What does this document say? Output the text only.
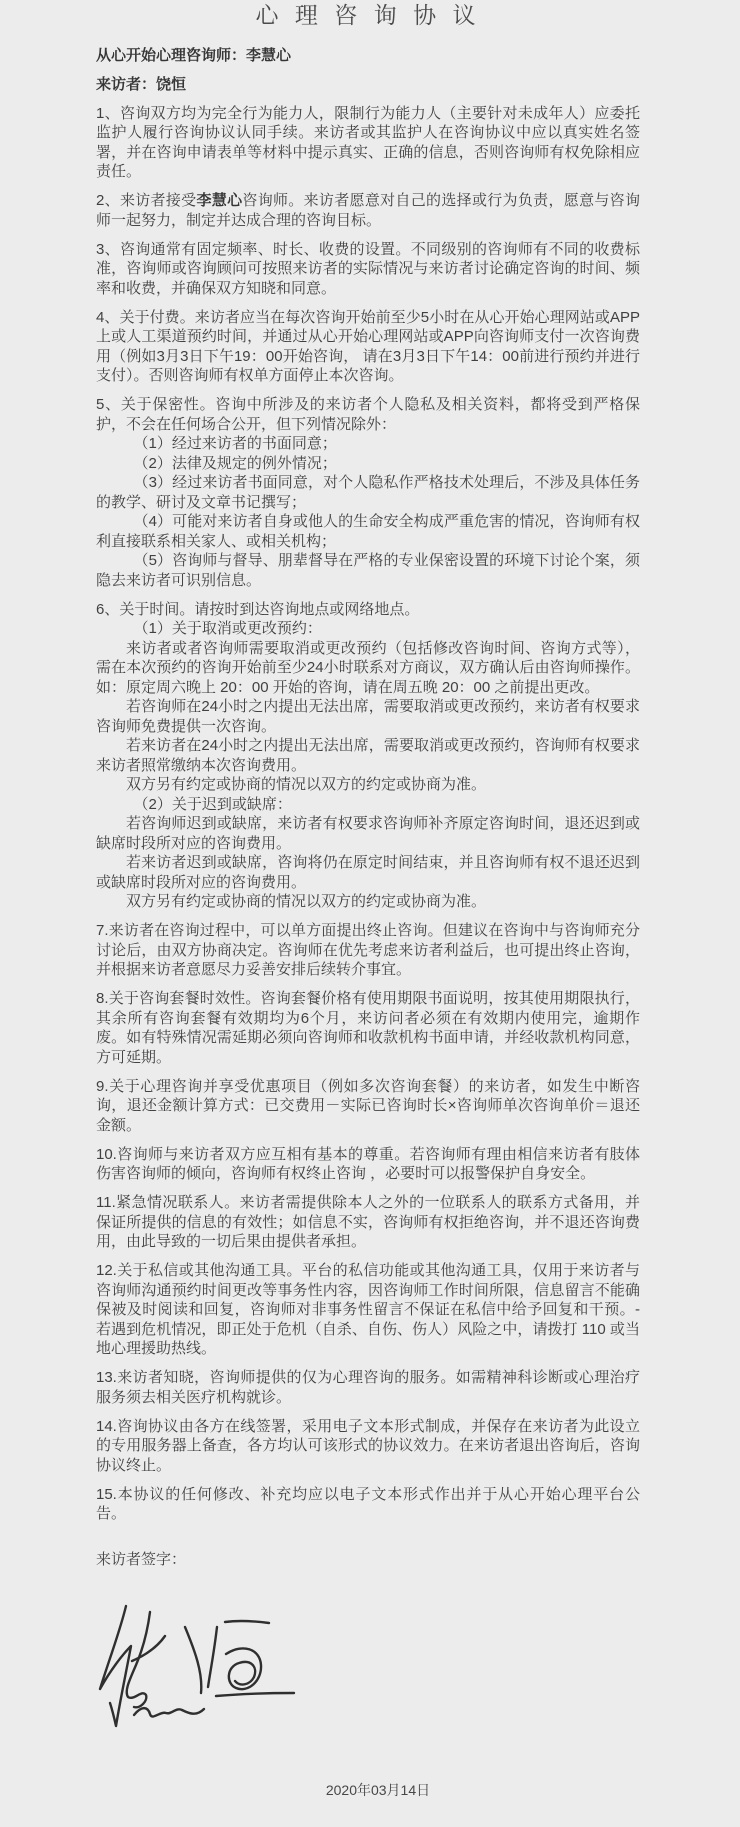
心 理 咨 询 协 议
从心开始心理咨询师：李慧心
来访者：饶恒
1、咨询双方均为完全行为能力人，限制行为能力人（主要针对未成年人）应委托监护人履行咨询协议认同手续。来访者或其监护人在咨询协议中应以真实姓名签署，并在咨询申请表单等材料中提示真实、正确的信息，否则咨询师有权免除相应责任。
2、来访者接受李慧心咨询师。来访者愿意对自己的选择或行为负责，愿意与咨询师一起努力，制定并达成合理的咨询目标。
3、咨询通常有固定频率、时长、收费的设置。不同级别的咨询师有不同的收费标准，咨询师或咨询顾问可按照来访者的实际情况与来访者讨论确定咨询的时间、频率和收费，并确保双方知晓和同意。
4、关于付费。来访者应当在每次咨询开始前至少5小时在从心开始心理网站或APP上或人工渠道预约时间，并通过从心开始心理网站或APP向咨询师支付一次咨询费用（例如3月3日下午19：00开始咨询， 请在3月3日下午14：00前进行预约并进行支付）。否则咨询师有权单方面停止本次咨询。
5、关于保密性。咨询中所涉及的来访者个人隐私及相关资料，都将受到严格保护，不会在任何场合公开，但下列情况除外：
（1）经过来访者的书面同意；
（2）法律及规定的例外情况；
（3）经过来访者书面同意，对个人隐私作严格技术处理后，不涉及具体任务的教学、研讨及文章书记撰写；
（4）可能对来访者自身或他人的生命安全构成严重危害的情况，咨询师有权利直接联系相关家人、或相关机构；
（5）咨询师与督导、朋辈督导在严格的专业保密设置的环境下讨论个案，须隐去来访者可识别信息。
6、关于时间。请按时到达咨询地点或网络地点。
（1）关于取消或更改预约：
来访者或者咨询师需要取消或更改预约（包括修改咨询时间、咨询方式等），需在本次预约的咨询开始前至少24小时联系对方商议，双方确认后由咨询师操作。如：原定周六晚上 20：00 开始的咨询，请在周五晚 20：00 之前提出更改。
若咨询师在24小时之内提出无法出席，需要取消或更改预约，来访者有权要求咨询师免费提供一次咨询。
若来访者在24小时之内提出无法出席，需要取消或更改预约，咨询师有权要求来访者照常缴纳本次咨询费用。
双方另有约定或协商的情况以双方的约定或协商为准。
（2）关于迟到或缺席：
若咨询师迟到或缺席，来访者有权要求咨询师补齐原定咨询时间，退还迟到或缺席时段所对应的咨询费用。
若来访者迟到或缺席，咨询将仍在原定时间结束，并且咨询师有权不退还迟到或缺席时段所对应的咨询费用。
双方另有约定或协商的情况以双方的约定或协商为准。
7.来访者在咨询过程中，可以单方面提出终止咨询。但建议在咨询中与咨询师充分讨论后，由双方协商决定。咨询师在优先考虑来访者利益后，也可提出终止咨询，并根据来访者意愿尽力妥善安排后续转介事宜。
8.关于咨询套餐时效性。咨询套餐价格有使用期限书面说明，按其使用期限执行，其余所有咨询套餐有效期均为6个月，来访问者必须在有效期内使用完，逾期作废。如有特殊情况需延期必须向咨询师和收款机构书面申请，并经收款机构同意，方可延期。
9.关于心理咨询并享受优惠项目（例如多次咨询套餐）的来访者，如发生中断咨询，退还金额计算方式：已交费用－实际已咨询时长×咨询师单次咨询单价＝退还金额。
10.咨询师与来访者双方应互相有基本的尊重。若咨询师有理由相信来访者有肢体伤害咨询师的倾向，咨询师有权终止咨询 ，必要时可以报警保护自身安全。
11.紧急情况联系人。来访者需提供除本人之外的一位联系人的联系方式备用，并保证所提供的信息的有效性；如信息不实，咨询师有权拒绝咨询，并不退还咨询费用，由此导致的一切后果由提供者承担。
12.关于私信或其他沟通工具。平台的私信功能或其他沟通工具，仅用于来访者与咨询师沟通预约时间更改等事务性内容，因咨询师工作时间所限，信息留言不能确保被及时阅读和回复，咨询师对非事务性留言不保证在私信中给予回复和干预。- 若遇到危机情况，即正处于危机（自杀、自伤、伤人）风险之中，请拨打 110 或当地心理援助热线。
13.来访者知晓，咨询师提供的仅为心理咨询的服务。如需精神科诊断或心理治疗服务须去相关医疗机构就诊。
14.咨询协议由各方在线签署，采用电子文本形式制成，并保存在来访者为此设立的专用服务器上备查，各方均认可该形式的协议效力。在来访者退出咨询后，咨询协议终止。
15.本协议的任何修改、补充均应以电子文本形式作出并于从心开始心理平台公告。
来访者签字：
2020年03月14日
